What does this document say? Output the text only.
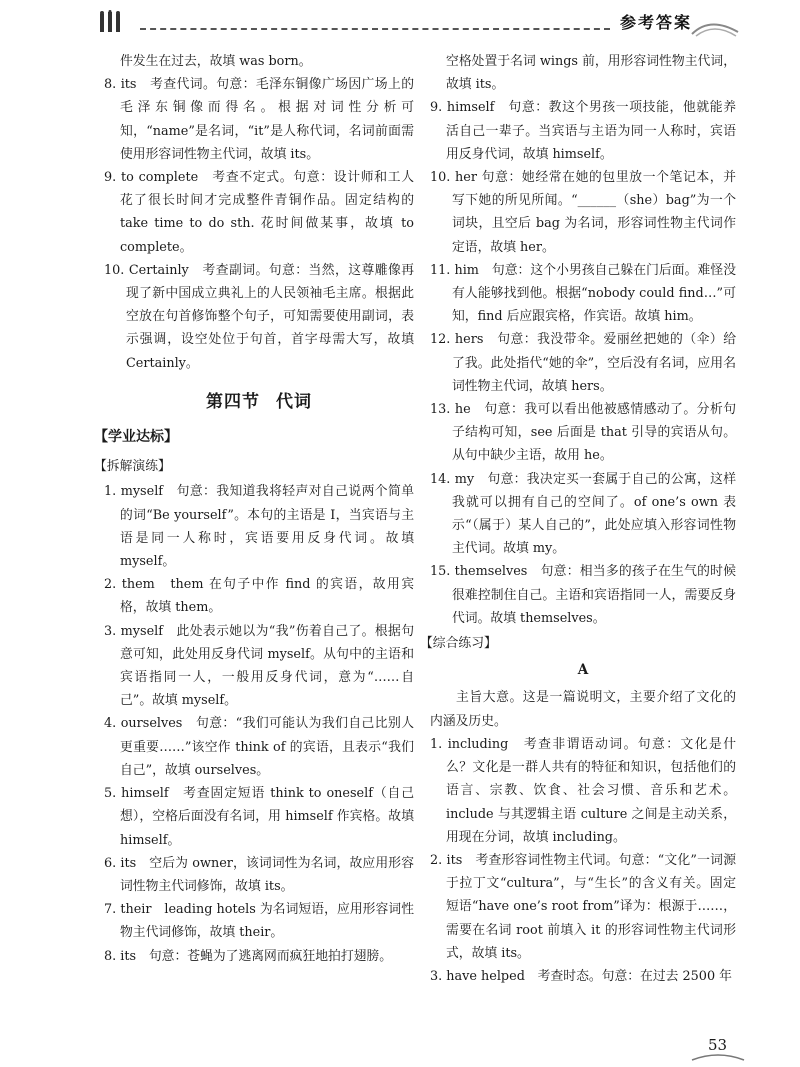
参考答案

件发生在过去，故填 was born。

8. its　考查代词。句意：毛泽东铜像广场因广场上的毛泽东铜像而得名。根据对词性分析可知，“name”是名词，“it”是人称代词，名词前面需使用形容词性物主代词，故填 its。

9. to complete　考查不定式。句意：设计师和工人花了很长时间才完成整件青铜作品。固定结构的 take time to do sth. 花时间做某事，故填 to complete。

10. Certainly　考查副词。句意：当然，这尊雕像再现了新中国成立典礼上的人民领袖毛主席。根据此空放在句首修饰整个句子，可知需要使用副词，表示强调，设空处位于句首，首字母需大写，故填 Certainly。

第四节 代词
【学业达标】
【拆解演练】

1. myself　句意：我知道我将轻声对自己说两个简单的词“Be yourself”。本句的主语是 I，当宾语与主语是同一人称时，宾语要用反身代词。故填 myself。

2. them　them 在句子中作 find 的宾语，故用宾格，故填 them。

3. myself　此处表示她以为“我”伤着自己了。根据句意可知，此处用反身代词 myself。从句中的主语和宾语指同一人，一般用反身代词，意为“……自己”。故填 myself。

4. ourselves　句意：“我们可能认为我们自己比别人更重要……”该空作 think of 的宾语，且表示“我们自己”，故填 ourselves。

5. himself　考查固定短语 think to oneself（自己想），空格后面没有名词，用 himself 作宾格。故填 himself。

6. its　空后为 owner，该词词性为名词，故应用形容词性物主代词修饰，故填 its。

7. their　leading hotels 为名词短语，应用形容词性物主代词修饰，故填 their。

8. its　句意：苍蝇为了逃离网而疯狂地拍打翅膀。

空格处置于名词 wings 前，用形容词性物主代词，故填 its。

9. himself　句意：教这个男孩一项技能，他就能养活自己一辈子。当宾语与主语为同一人称时，宾语用反身代词，故填 himself。

10. her 句意：她经常在她的包里放一个笔记本，并写下她的所见所闻。“______（she）bag”为一个词块，且空后 bag 为名词，形容词性物主代词作定语，故填 her。

11. him　句意：这个小男孩自己躲在门后面。难怪没有人能够找到他。根据“nobody could find…”可知，find 后应跟宾格，作宾语。故填 him。

12. hers　句意：我没带伞。爱丽丝把她的（伞）给了我。此处指代“她的伞”，空后没有名词，应用名词性物主代词，故填 hers。

13. he　句意：我可以看出他被感情感动了。分析句子结构可知，see 后面是 that 引导的宾语从句。从句中缺少主语，故用 he。

14. my　句意：我决定买一套属于自己的公寓，这样我就可以拥有自己的空间了。of one’s own 表示“（属于）某人自己的”，此处应填入形容词性物主代词。故填 my。

15. themselves　句意：相当多的孩子在生气的时候很难控制住自己。主语和宾语指同一人，需要反身代词。故填 themselves。

【综合练习】
A

主旨大意。这是一篇说明文，主要介绍了文化的内涵及历史。

1. including　考查非谓语动词。句意：文化是什么？文化是一群人共有的特征和知识，包括他们的语言、宗教、饮食、社会习惯、音乐和艺术。include 与其逻辑主语 culture 之间是主动关系，用现在分词，故填 including。

2. its　考查形容词性物主代词。句意：“文化”一词源于拉丁文“cultura”，与“生长”的含义有关。固定短语“have one’s root from”译为：根源于……，需要在名词 root 前填入 it 的形容词性物主代词形式，故填 its。

3. have helped　考查时态。句意：在过去 2500 年

53
